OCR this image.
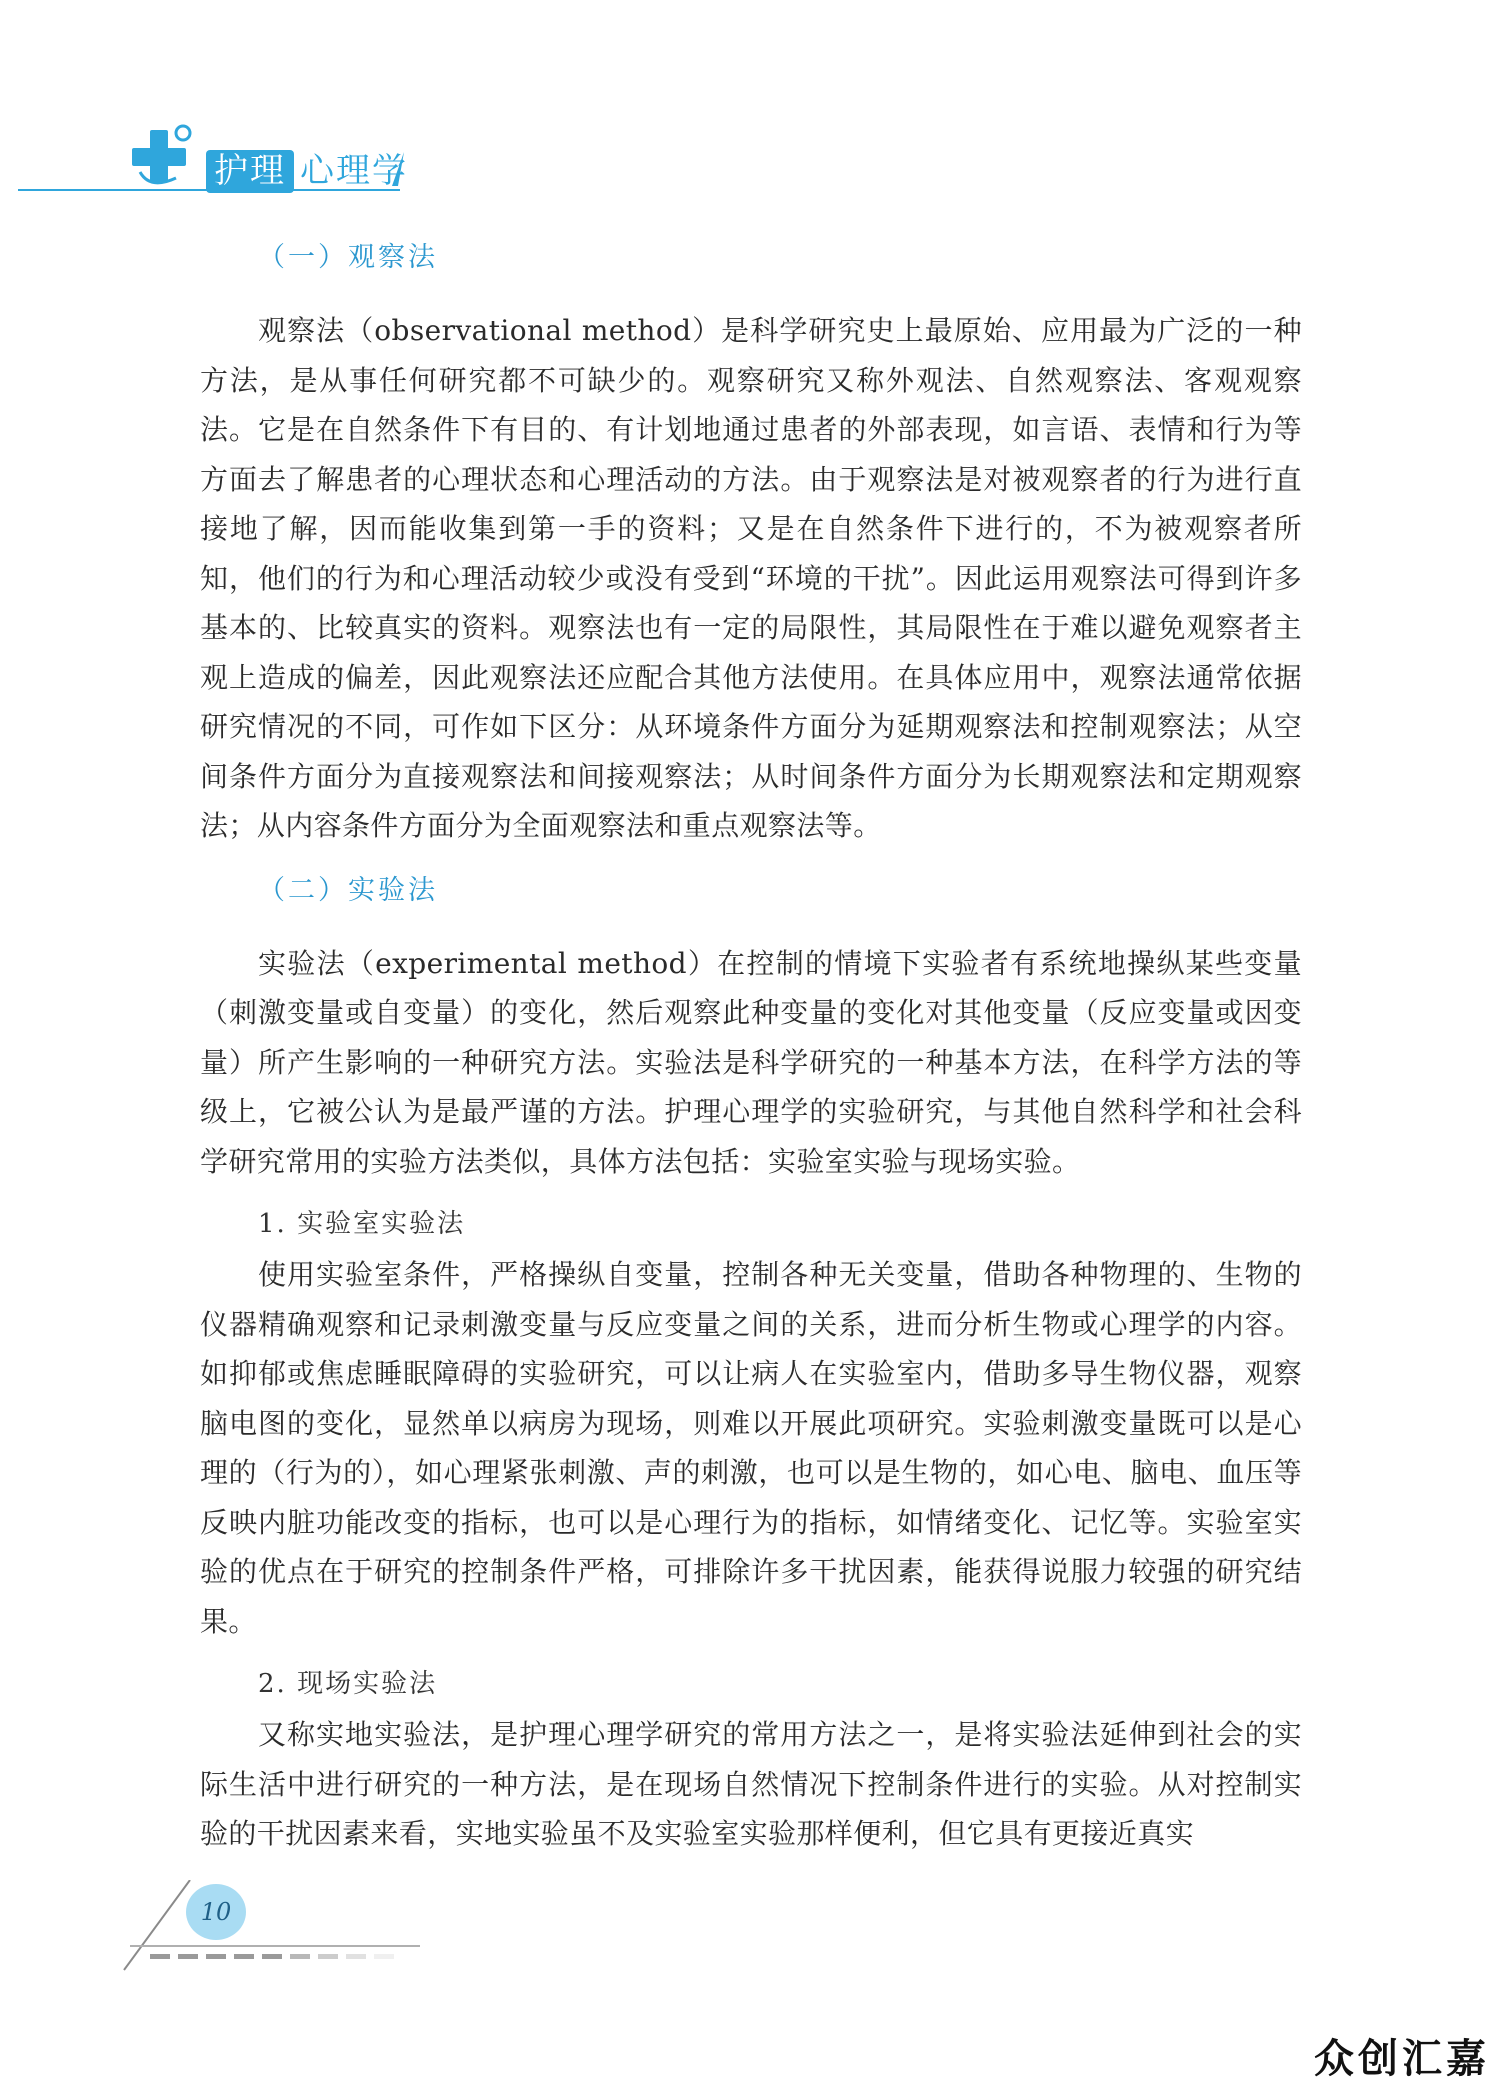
护理 心理学
（一）观察法

观察法（observational method）是科学研究史上最原始、应用最为广泛的一种方法，是从事任何研究都不可缺少的。观察研究又称外观法、自然观察法、客观观察法。它是在自然条件下有目的、有计划地通过患者的外部表现，如言语、表情和行为等方面去了解患者的心理状态和心理活动的方法。由于观察法是对被观察者的行为进行直接地了解，因而能收集到第一手的资料；又是在自然条件下进行的，不为被观察者所知，他们的行为和心理活动较少或没有受到“环境的干扰”。因此运用观察法可得到许多基本的、比较真实的资料。观察法也有一定的局限性，其局限性在于难以避免观察者主观上造成的偏差，因此观察法还应配合其他方法使用。在具体应用中，观察法通常依据研究情况的不同，可作如下区分：从环境条件方面分为延期观察法和控制观察法；从空间条件方面分为直接观察法和间接观察法；从时间条件方面分为长期观察法和定期观察法；从内容条件方面分为全面观察法和重点观察法等。

（二）实验法

实验法（experimental method）在控制的情境下实验者有系统地操纵某些变量（刺激变量或自变量）的变化，然后观察此种变量的变化对其他变量（反应变量或因变量）所产生影响的一种研究方法。实验法是科学研究的一种基本方法，在科学方法的等级上，它被公认为是最严谨的方法。护理心理学的实验研究，与其他自然科学和社会科学研究常用的实验方法类似，具体方法包括：实验室实验与现场实验。

1. 实验室实验法

使用实验室条件，严格操纵自变量，控制各种无关变量，借助各种物理的、生物的仪器精确观察和记录刺激变量与反应变量之间的关系，进而分析生物或心理学的内容。如抑郁或焦虑睡眠障碍的实验研究，可以让病人在实验室内，借助多导生物仪器，观察脑电图的变化，显然单以病房为现场，则难以开展此项研究。实验刺激变量既可以是心理的（行为的），如心理紧张刺激、声的刺激，也可以是生物的，如心电、脑电、血压等反映内脏功能改变的指标，也可以是心理行为的指标，如情绪变化、记忆等。实验室实验的优点在于研究的控制条件严格，可排除许多干扰因素，能获得说服力较强的研究结果。

2. 现场实验法

又称实地实验法，是护理心理学研究的常用方法之一，是将实验法延伸到社会的实际生活中进行研究的一种方法，是在现场自然情况下控制条件进行的实验。从对控制实验的干扰因素来看，实地实验虽不及实验室实验那样便利，但它具有更接近真实

10
众创汇嘉
